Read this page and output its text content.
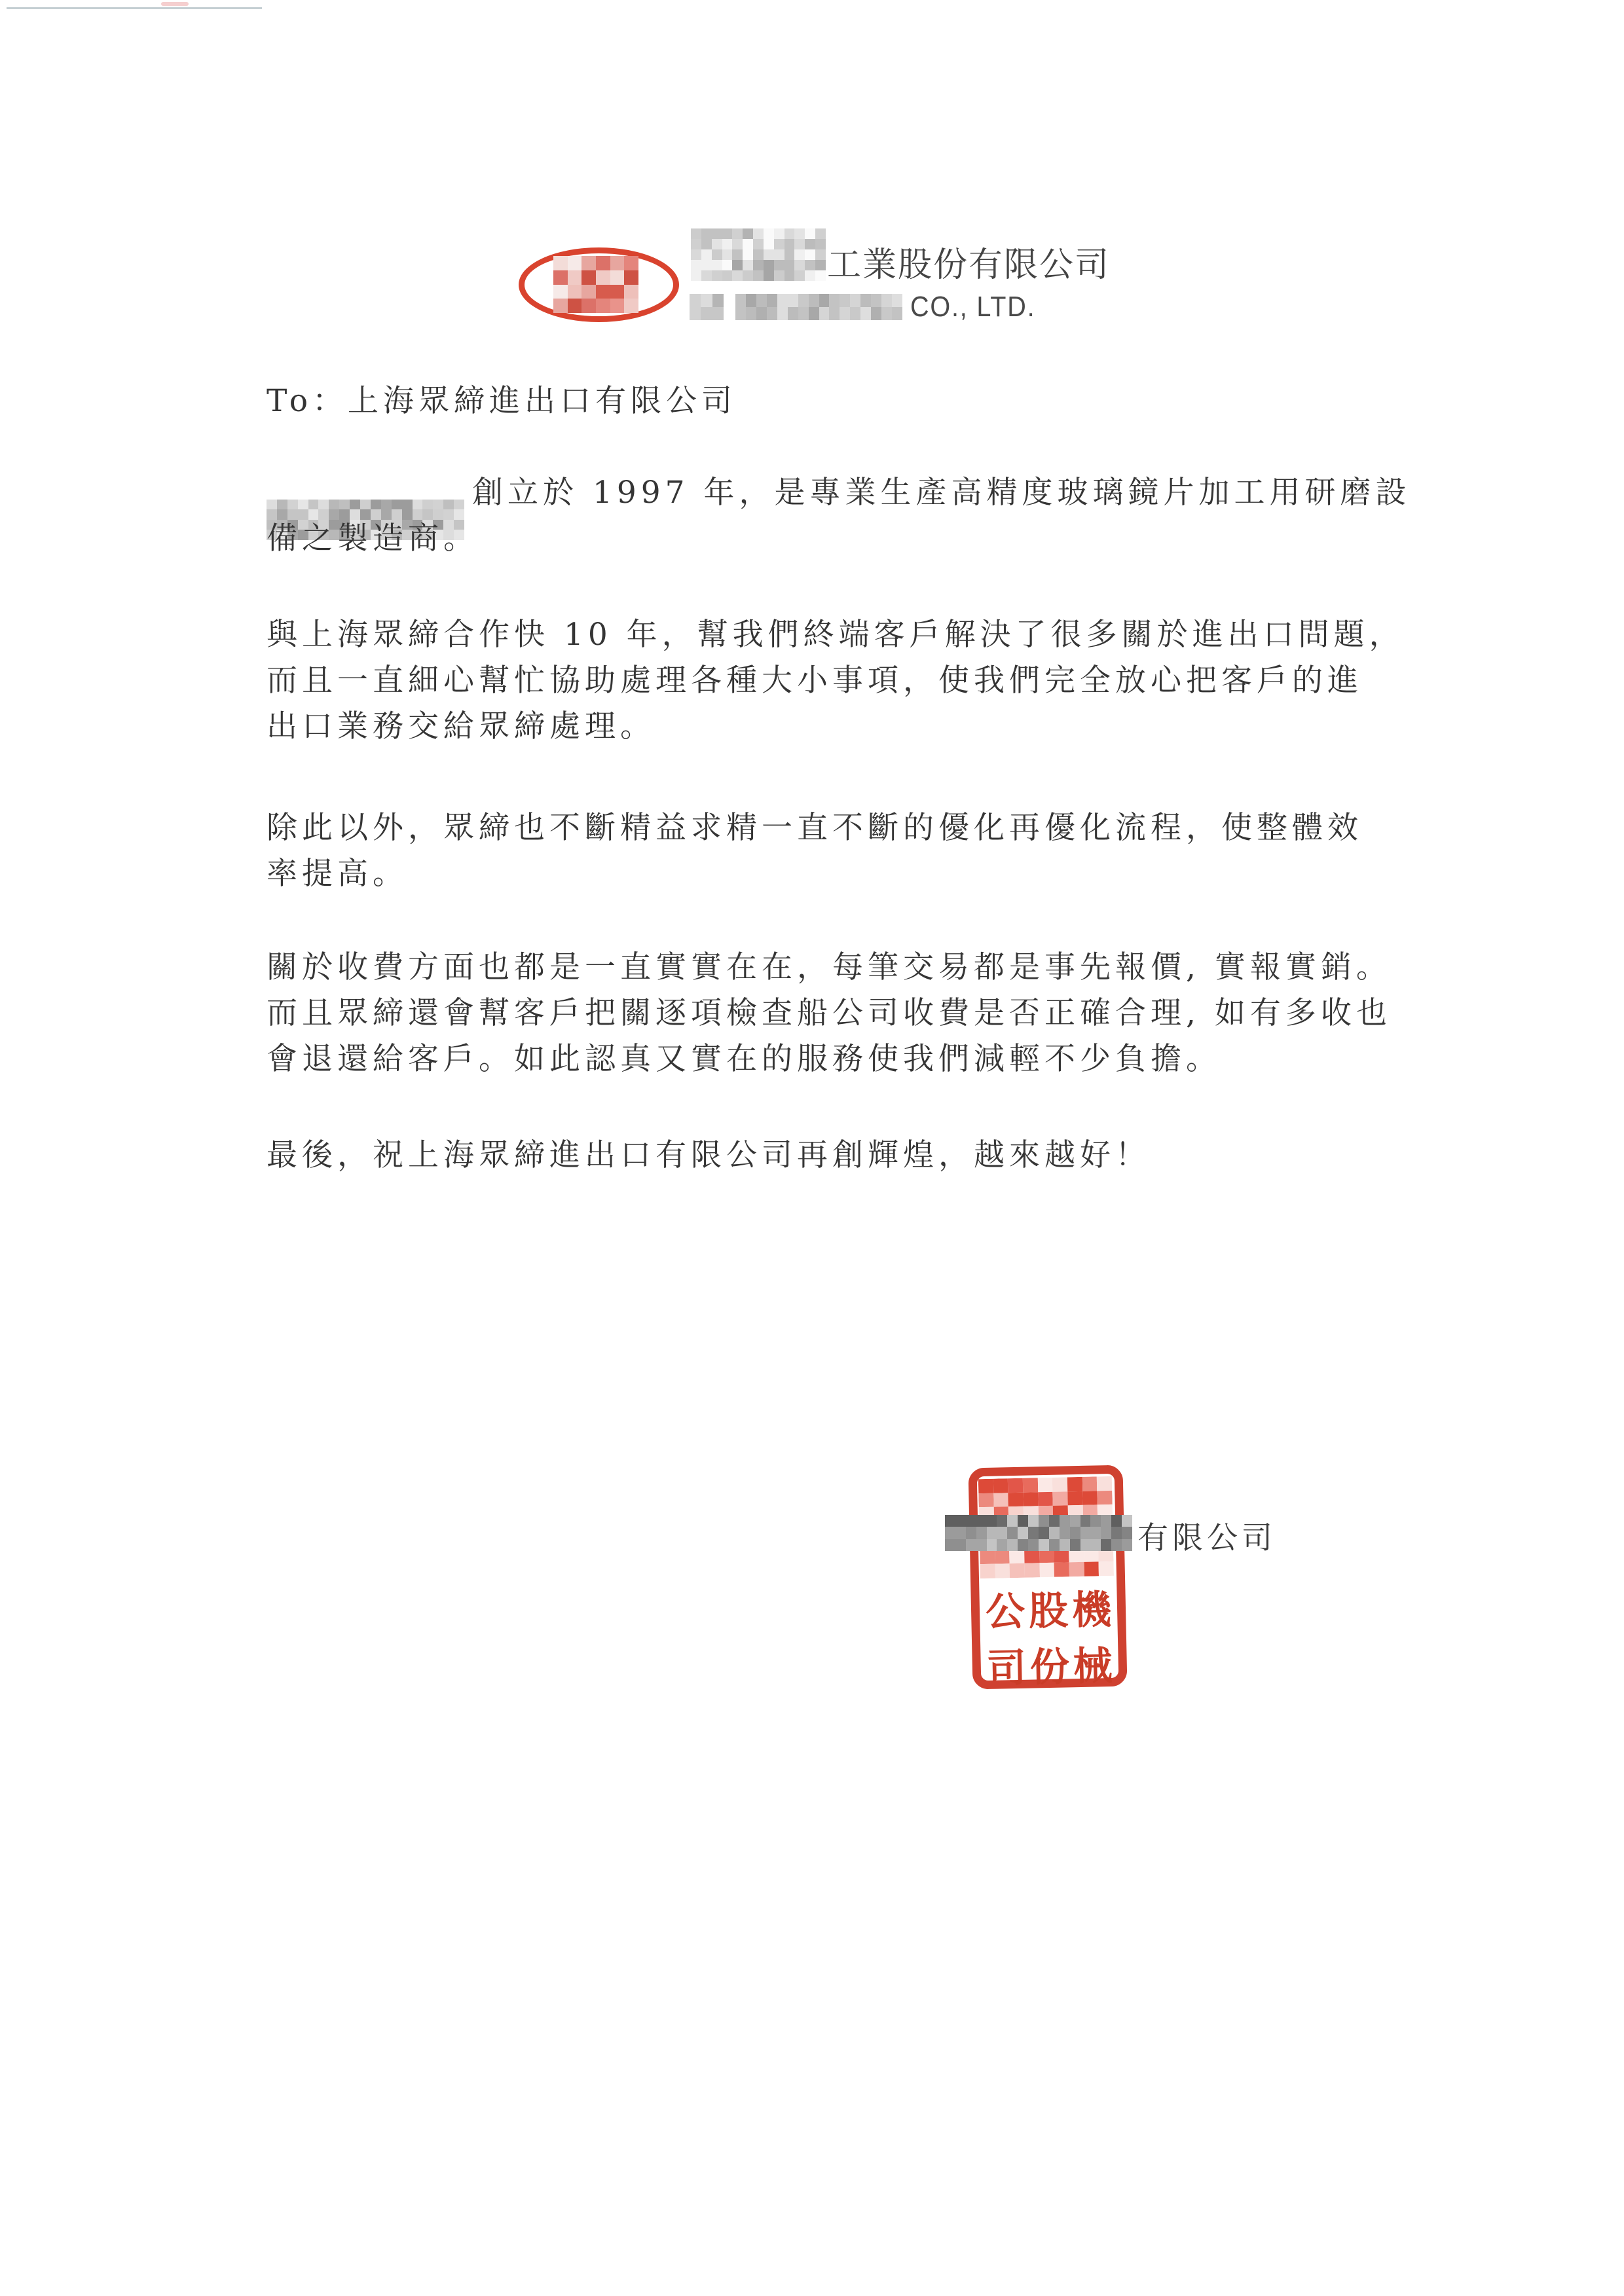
工業股份有限公司
CO., LTD.

To：上海眾締進出口有限公司

創立於 1997 年，是專業生產高精度玻璃鏡片加工用研磨設
備之製造商。

與上海眾締合作快 10 年，幫我們終端客戶解決了很多關於進出口問題，
而且一直細心幫忙協助處理各種大小事項，使我們完全放心把客戶的進
出口業務交給眾締處理。

除此以外，眾締也不斷精益求精一直不斷的優化再優化流程，使整體效
率提高。

關於收費方面也都是一直實實在在，每筆交易都是事先報價, 實報實銷。
而且眾締還會幫客戶把關逐項檢查船公司收費是否正確合理, 如有多收也
會退還給客戶。如此認真又實在的服務使我們減輕不少負擔。

最後，祝上海眾締進出口有限公司再創輝煌，越來越好！

公 股 機
司 份 械
有限公司
